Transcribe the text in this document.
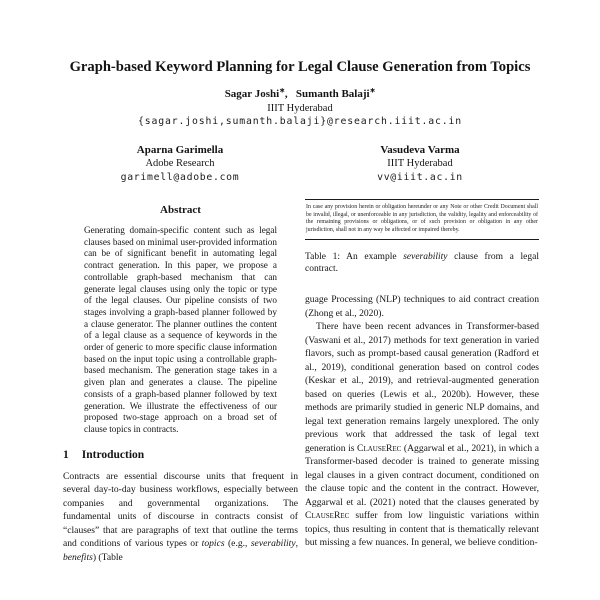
Graph-based Keyword Planning for Legal Clause Generation from Topics
Sagar Joshi∗,  Sumanth Balaji∗
IIIT Hyderabad
{sagar.joshi,sumanth.balaji}@research.iiit.ac.in
Aparna Garimella
Adobe Research
garimell@adobe.com
Vasudeva Varma
IIIT Hyderabad
vv@iiit.ac.in
Abstract
Generating domain-specific content such as legal clauses based on minimal user-provided information can be of significant benefit in automating legal contract generation. In this paper, we propose a controllable graph-based mechanism that can generate legal clauses using only the topic or type of the legal clauses. Our pipeline consists of two stages involving a graph-based planner followed by a clause generator. The planner outlines the content of a legal clause as a sequence of keywords in the order of generic to more specific clause information based on the input topic using a controllable graph-based mechanism. The generation stage takes in a given plan and generates a clause. The pipeline consists of a graph-based planner followed by text generation. We illustrate the effectiveness of our proposed two-stage approach on a broad set of clause topics in contracts.
1 Introduction

Contracts are essential discourse units that frequent in several day-to-day business workflows, especially between companies and governmental organizations. The fundamental units of discourse in contracts consist of “clauses” that are paragraphs of text that outline the terms and conditions of various types or topics (e.g., severability, benefits) (Table

In case any provision herein or obligation hereunder or any Note or other Credit Document shall be invalid, illegal, or unenforceable in any jurisdiction, the validity, legality and enforceability of the remaining provisions or obligations, or of such provision or obligation in any other jurisdiction, shall not in any way be affected or impaired thereby.
Table 1: An example severability clause from a legal contract.

guage Processing (NLP) techniques to aid contract creation (Zhong et al., 2020).

There have been recent advances in Transformer-based (Vaswani et al., 2017) methods for text generation in varied flavors, such as prompt-based causal generation (Radford et al., 2019), conditional generation based on control codes (Keskar et al., 2019), and retrieval-augmented generation based on queries (Lewis et al., 2020b). However, these methods are primarily studied in generic NLP domains, and legal text generation remains largely unexplored. The only previous work that addressed the task of legal text generation is ClauseRec (Aggarwal et al., 2021), in which a Transformer-based decoder is trained to generate missing legal clauses in a given contract document, conditioned on the clause topic and the content in the contract. However, Aggarwal et al. (2021) noted that the clauses generated by ClauseRec suffer from low linguistic variations within topics, thus resulting in content that is thematically relevant but missing a few nuances. In general, we believe condition-
